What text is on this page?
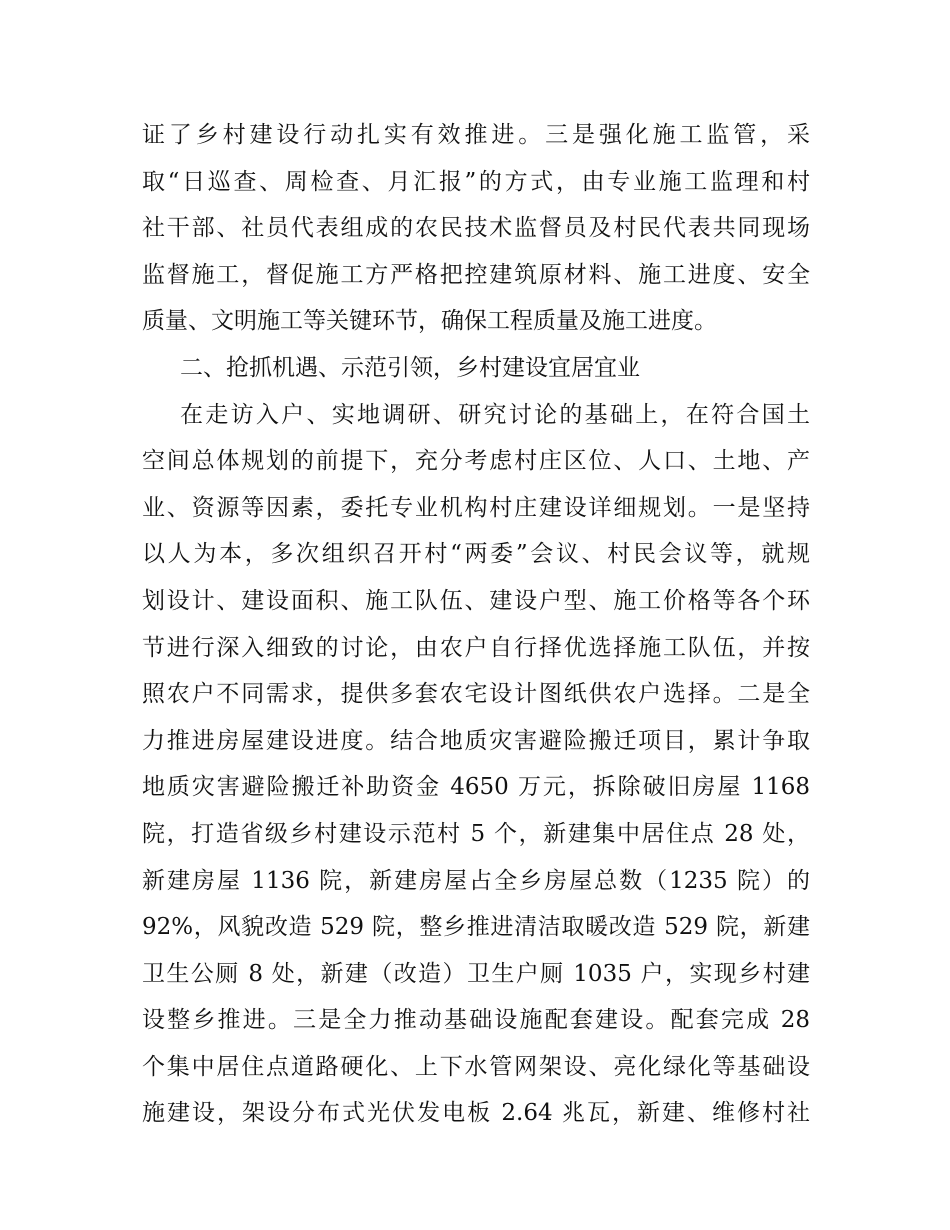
证了乡村建设行动扎实有效推进。三是强化施工监管，采
取“日巡查、周检查、月汇报”的方式，由专业施工监理和村
社干部、社员代表组成的农民技术监督员及村民代表共同现场
监督施工，督促施工方严格把控建筑原材料、施工进度、安全
质量、文明施工等关键环节，确保工程质量及施工进度。
二、抢抓机遇、示范引领，乡村建设宜居宜业
在走访入户、实地调研、研究讨论的基础上，在符合国土
空间总体规划的前提下，充分考虑村庄区位、人口、土地、产
业、资源等因素，委托专业机构村庄建设详细规划。一是坚持
以人为本，多次组织召开村“两委”会议、村民会议等，就规
划设计、建设面积、施工队伍、建设户型、施工价格等各个环
节进行深入细致的讨论，由农户自行择优选择施工队伍，并按
照农户不同需求，提供多套农宅设计图纸供农户选择。二是全
力推进房屋建设进度。结合地质灾害避险搬迁项目，累计争取
地质灾害避险搬迁补助资金 4650 万元，拆除破旧房屋 1168
院，打造省级乡村建设示范村 5 个，新建集中居住点 28 处，
新建房屋 1136 院，新建房屋占全乡房屋总数（1235 院）的
92%，风貌改造 529 院，整乡推进清洁取暖改造 529 院，新建
卫生公厕 8 处，新建（改造）卫生户厕 1035 户，实现乡村建
设整乡推进。三是全力推动基础设施配套建设。配套完成 28
个集中居住点道路硬化、上下水管网架设、亮化绿化等基础设
施建设，架设分布式光伏发电板 2.64 兆瓦，新建、维修村社
